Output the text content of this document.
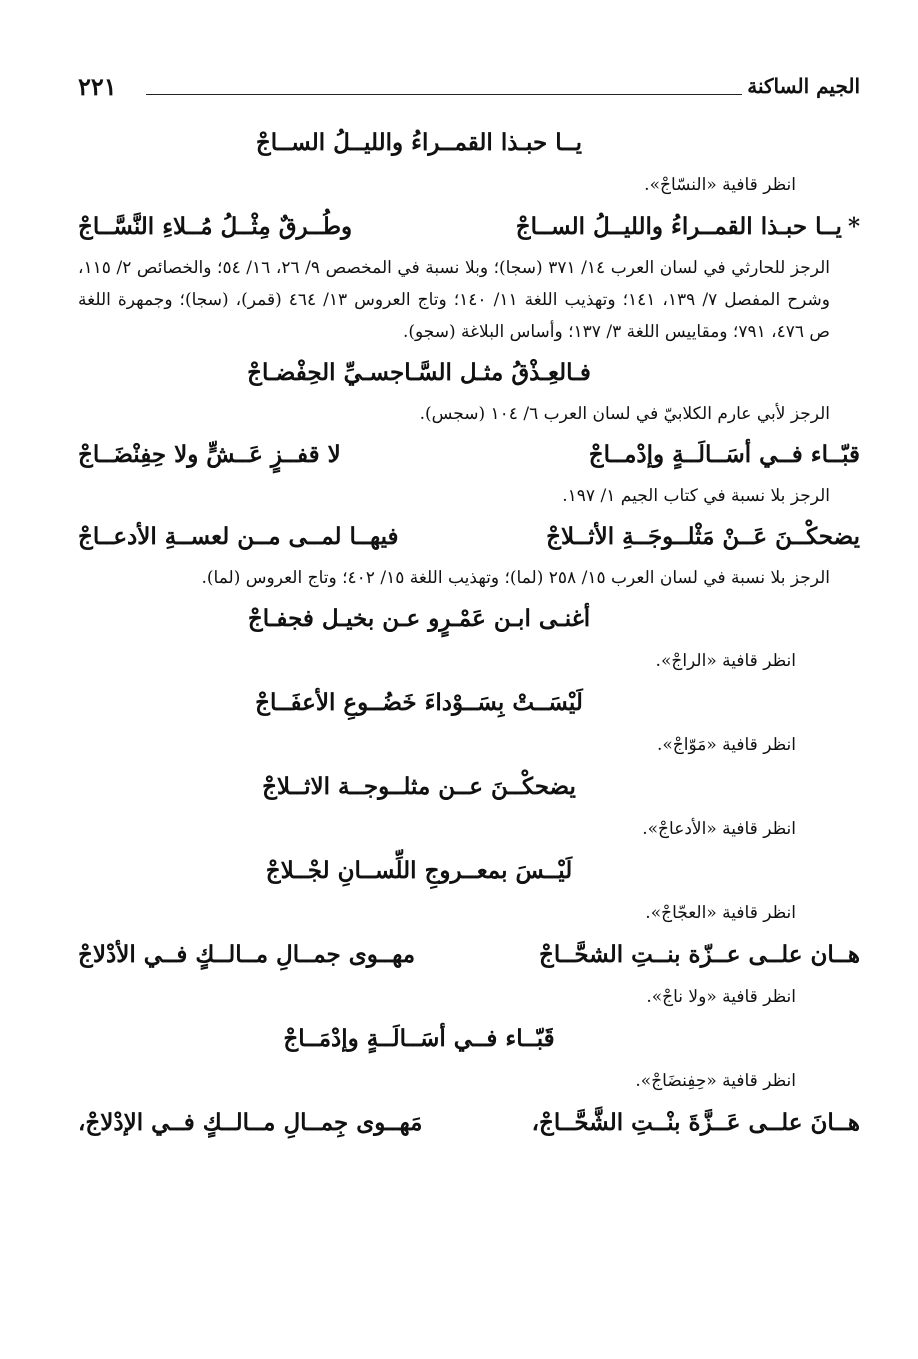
٢٢١	الجيم الساكنة
يــا حبـذا القمــراءُ والليــلُ الســاجْ
انظر قافية «النسّاجْ».
*يــا حبـذا القمــراءُ والليــلُ الســاجْ
وطُــرقٌ مِثْــلُ مُــلاءِ النَّسَّــاجْ
الرجز للحارثي في لسان العرب ١٤/ ٣٧١ (سجا)؛ وبلا نسبة في المخصص ٩/ ٢٦، ١٦/ ٥٤؛ والخصائص ٢/ ١١٥، وشرح المفصل ٧/ ١٣٩، ١٤١؛ وتهذيب اللغة ١١/ ١٤٠؛ وتاج العروس ١٣/ ٤٦٤ (قمر)، (سجا)؛ وجمهرة اللغة ص ٤٧٦، ٧٩١؛ ومقاييس اللغة ٣/ ١٣٧؛ وأساس البلاغة (سجو).
فـالعِـذْقُ مثـل السَّـاجسـيِّ الحِفْضـاجْ
الرجز لأبي عارم الكلابيّ في لسان العرب ٦/ ١٠٤ (سجس).
قبّــاء فــي أسَــالَــةٍ وإدْمــاجْ
لا قفــزٍ عَــشٍّ ولا حِفِنْضَــاجْ
الرجز بلا نسبة في كتاب الجيم ١/ ١٩٧.
يضحكْــنَ عَــنْ مَثْلــوجَــةِ الأثــلاجْ
فيهــا لمــى مــن لعســةِ الأدعــاجْ
الرجز بلا نسبة في لسان العرب ١٥/ ٢٥٨ (لما)؛ وتهذيب اللغة ١٥/ ٤٠٢؛ وتاج العروس (لما).
أغنـى ابـن عَمْـرٍو عـن بخيـل فجفـاجْ
انظر قافية «الراجْ».
لَيْسَــتْ بِسَــوْداءَ خَضُــوعِ الأعفَــاجْ
انظر قافية «مَوّاجْ».
يضحكْــنَ عــن مثلــوجــة الاثــلاجْ
انظر قافية «الأدعاجْ».
لَيْــسَ بمعــروجِ اللِّســانِ لجْــلاجْ
انظر قافية «العجّاجْ».
هــان علــى عــزّة بنــتِ الشحَّــاجْ
مهــوى جمــالِ مــالــكٍ فــي الأدْلاجْ
انظر قافية «ولا ناجْ».
قَبّــاء فــي أسَــالَــةٍ وإدْمَــاجْ
انظر قافية «حِفِنضَاجْ».
هــانَ علــى عَــزَّةَ بنْــتِ الشَّحَّــاجْ،
مَهــوى جِمــالِ مــالــكٍ فــي الإدْلاجْ،
